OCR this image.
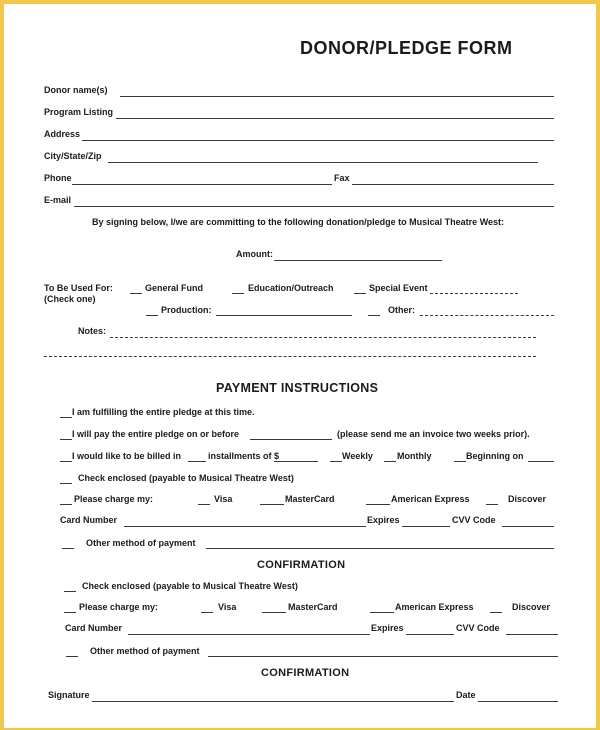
DONOR/PLEDGE FORM
Donor name(s)
Program Listing
Address
City/State/Zip
Phone	Fax
E-mail
By signing below, I/we are committing to the following donation/pledge to Musical Theatre West:
Amount:
To Be Used For:
(Check one)
General Fund	Education/Outreach	Special Event
Production:	Other:
Notes:
PAYMENT INSTRUCTIONS
I am fulfilling the entire pledge at this time.
I will pay the entire pledge on or before	(please send me an invoice two weeks prior).
I would like to be billed in	installments of $	Weekly	Monthly	Beginning on
Check enclosed (payable to Musical Theatre West)
Please charge my:	Visa	MasterCard	American Express	Discover
Card Number	Expires	CVV Code
Other method of payment
CONFIRMATION
Check enclosed (payable to Musical Theatre West)
Please charge my:	Visa	MasterCard	American Express	Discover
Card Number	Expires	CVV Code
Other method of payment
CONFIRMATION
Signature	Date
